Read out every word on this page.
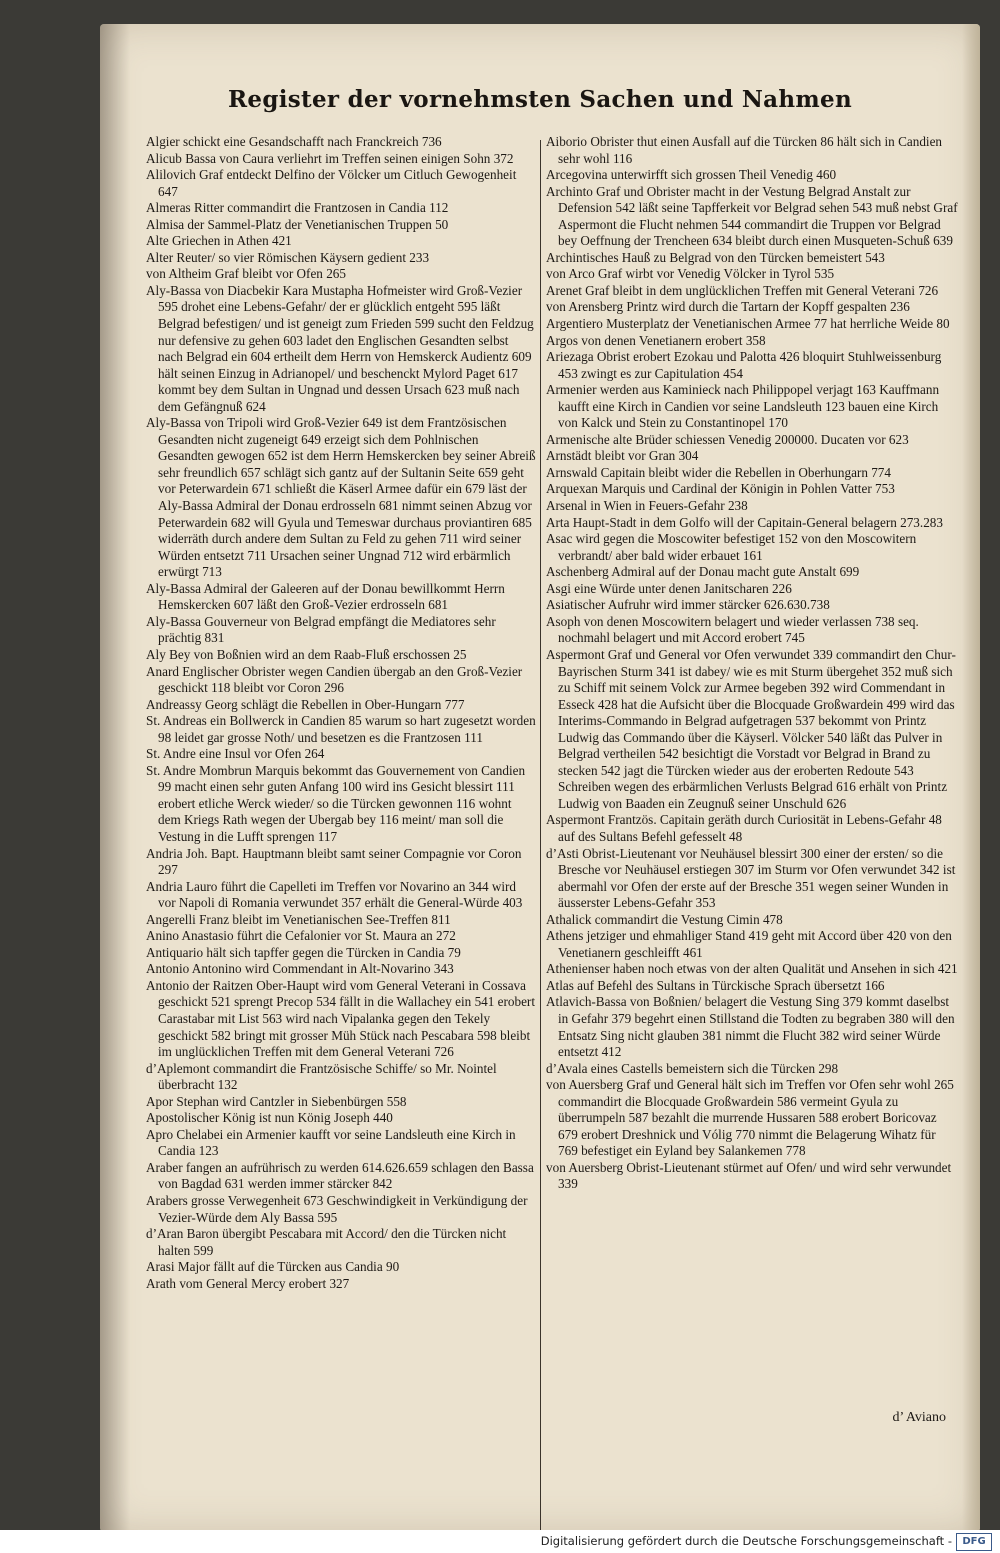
Register der vornehmsten Sachen und Nahmen

Algier schickt eine Gesandschafft nach Franckreich 736

Alicub Bassa von Caura verliehrt im Treffen seinen einigen Sohn 372

Alilovich Graf entdeckt Delfino der Völcker um Citluch Gewogenheit 647

Almeras Ritter commandirt die Frantzosen in Candia 112

Almisa der Sammel-Platz der Venetianischen Truppen 50

Alte Griechen in Athen 421

Alter Reuter/ so vier Römischen Käysern gedient 233

von Altheim Graf bleibt vor Ofen 265

Aly-Bassa von Diacbekir Kara Mustapha Hofmeister wird Groß-Vezier 595 drohet eine Lebens-Gefahr/ der er glücklich entgeht 595 läßt Belgrad befestigen/ und ist geneigt zum Frieden 599 sucht den Feldzug nur defensive zu gehen 603 ladet den Englischen Gesandten selbst nach Belgrad ein 604 ertheilt dem Herrn von Hemskerck Audientz 609 hält seinen Einzug in Adrianopel/ und beschenckt Mylord Paget 617 kommt bey dem Sultan in Ungnad und dessen Ursach 623 muß nach dem Gefängnuß 624

Aly-Bassa von Tripoli wird Groß-Vezier 649 ist dem Frantzösischen Gesandten nicht zugeneigt 649 erzeigt sich dem Pohlnischen Gesandten gewogen 652 ist dem Herrn Hemskercken bey seiner Abreiß sehr freundlich 657 schlägt sich gantz auf der Sultanin Seite 659 geht vor Peterwardein 671 schließt die Käserl Armee dafür ein 679 läst der Aly-Bassa Admiral der Donau erdrosseln 681 nimmt seinen Abzug vor Peterwardein 682 will Gyula und Temeswar durchaus proviantiren 685 widerräth durch andere dem Sultan zu Feld zu gehen 711 wird seiner Würden entsetzt 711 Ursachen seiner Ungnad 712 wird erbärmlich erwürgt 713

Aly-Bassa Admiral der Galeeren auf der Donau bewillkommt Herrn Hemskercken 607 läßt den Groß-Vezier erdrosseln 681

Aly-Bassa Gouverneur von Belgrad empfängt die Mediatores sehr prächtig 831

Aly Bey von Boßnien wird an dem Raab-Fluß erschossen 25

Anard Englischer Obrister wegen Candien übergab an den Groß-Vezier geschickt 118 bleibt vor Coron 296

Andreassy Georg schlägt die Rebellen in Ober-Hungarn 777

St. Andreas ein Bollwerck in Candien 85 warum so hart zugesetzt worden 98 leidet gar grosse Noth/ und besetzen es die Frantzosen 111

St. Andre eine Insul vor Ofen 264

St. Andre Mombrun Marquis bekommt das Gouvernement von Candien 99 macht einen sehr guten Anfang 100 wird ins Gesicht blessirt 111 erobert etliche Werck wieder/ so die Türcken gewonnen 116 wohnt dem Kriegs Rath wegen der Ubergab bey 116 meint/ man soll die Vestung in die Lufft sprengen 117

Andria Joh. Bapt. Hauptmann bleibt samt seiner Compagnie vor Coron 297

Andria Lauro führt die Capelleti im Treffen vor Novarino an 344 wird vor Napoli di Romania verwundet 357 erhält die General-Würde 403

Angerelli Franz bleibt im Venetianischen See-Treffen 811

Anino Anastasio führt die Cefalonier vor St. Maura an 272

Antiquario hält sich tapffer gegen die Türcken in Candia 79

Antonio Antonino wird Commendant in Alt-Novarino 343

Antonio der Raitzen Ober-Haupt wird vom General Veterani in Cossava geschickt 521 sprengt Precop 534 fällt in die Wallachey ein 541 erobert Carastabar mit List 563 wird nach Vipalanka gegen den Tekely geschickt 582 bringt mit grosser Müh Stück nach Pescabara 598 bleibt im unglücklichen Treffen mit dem General Veterani 726

d’Aplemont commandirt die Frantzösische Schiffe/ so Mr. Nointel überbracht 132

Apor Stephan wird Cantzler in Siebenbürgen 558

Apostolischer König ist nun König Joseph 440

Apro Chelabei ein Armenier kaufft vor seine Landsleuth eine Kirch in Candia 123

Araber fangen an aufrührisch zu werden 614.626.659 schlagen den Bassa von Bagdad 631 werden immer stärcker 842

Arabers grosse Verwegenheit 673 Geschwindigkeit in Verkündigung der Vezier-Würde dem Aly Bassa 595

d’Aran Baron übergibt Pescabara mit Accord/ den die Türcken nicht halten 599

Arasi Major fällt auf die Türcken aus Candia 90

Arath vom General Mercy erobert 327

Aiborio Obrister thut einen Ausfall auf die Türcken 86 hält sich in Candien sehr wohl 116

Arcegovina unterwirfft sich grossen Theil Venedig 460

Archinto Graf und Obrister macht in der Vestung Belgrad Anstalt zur Defension 542 läßt seine Tapfferkeit vor Belgrad sehen 543 muß nebst Graf Aspermont die Flucht nehmen 544 commandirt die Truppen vor Belgrad bey Oeffnung der Trencheen 634 bleibt durch einen Musqueten-Schuß 639

Archintisches Hauß zu Belgrad von den Türcken bemeistert 543

von Arco Graf wirbt vor Venedig Völcker in Tyrol 535

Arenet Graf bleibt in dem unglücklichen Treffen mit General Veterani 726

von Arensberg Printz wird durch die Tartarn der Kopff gespalten 236

Argentiero Musterplatz der Venetianischen Armee 77 hat herrliche Weide 80

Argos von denen Venetianern erobert 358

Ariezaga Obrist erobert Ezokau und Palotta 426 bloquirt Stuhlweissenburg 453 zwingt es zur Capitulation 454

Armenier werden aus Kaminieck nach Philippopel verjagt 163 Kauffmann kaufft eine Kirch in Candien vor seine Landsleuth 123 bauen eine Kirch von Kalck und Stein zu Constantinopel 170

Armenische alte Brüder schiessen Venedig 200000. Ducaten vor 623

Arnstädt bleibt vor Gran 304

Arnswald Capitain bleibt wider die Rebellen in Oberhungarn 774

Arquexan Marquis und Cardinal der Königin in Pohlen Vatter 753

Arsenal in Wien in Feuers-Gefahr 238

Arta Haupt-Stadt in dem Golfo will der Capitain-General belagern 273.283

Asac wird gegen die Moscowiter befestiget 152 von den Moscowitern verbrandt/ aber bald wider erbauet 161

Aschenberg Admiral auf der Donau macht gute Anstalt 699

Asgi eine Würde unter denen Janitscharen 226

Asiatischer Aufruhr wird immer stärcker 626.630.738

Asoph von denen Moscowitern belagert und wieder verlassen 738 seq. nochmahl belagert und mit Accord erobert 745

Aspermont Graf und General vor Ofen verwundet 339 commandirt den Chur-Bayrischen Sturm 341 ist dabey/ wie es mit Sturm übergehet 352 muß sich zu Schiff mit seinem Volck zur Armee begeben 392 wird Commendant in Esseck 428 hat die Aufsicht über die Blocquade Großwardein 499 wird das Interims-Commando in Belgrad aufgetragen 537 bekommt von Printz Ludwig das Commando über die Käyserl. Völcker 540 läßt das Pulver in Belgrad vertheilen 542 besichtigt die Vorstadt vor Belgrad in Brand zu stecken 542 jagt die Türcken wieder aus der eroberten Redoute 543 Schreiben wegen des erbärmlichen Verlusts Belgrad 616 erhält von Printz Ludwig von Baaden ein Zeugnuß seiner Unschuld 626

Aspermont Frantzös. Capitain geräth durch Curiosität in Lebens-Gefahr 48 auf des Sultans Befehl gefesselt 48

d’Asti Obrist-Lieutenant vor Neuhäusel blessirt 300 einer der ersten/ so die Bresche vor Neuhäusel erstiegen 307 im Sturm vor Ofen verwundet 342 ist abermahl vor Ofen der erste auf der Bresche 351 wegen seiner Wunden in äusserster Lebens-Gefahr 353

Athalick commandirt die Vestung Cimin 478

Athens jetziger und ehmahliger Stand 419 geht mit Accord über 420 von den Venetianern geschleifft 461

Athenienser haben noch etwas von der alten Qualität und Ansehen in sich 421

Atlas auf Befehl des Sultans in Türckische Sprach übersetzt 166

Atlavich-Bassa von Boßnien/ belagert die Vestung Sing 379 kommt daselbst in Gefahr 379 begehrt einen Stillstand die Todten zu begraben 380 will den Entsatz Sing nicht glauben 381 nimmt die Flucht 382 wird seiner Würde entsetzt 412

d’Avala eines Castells bemeistern sich die Türcken 298

von Auersberg Graf und General hält sich im Treffen vor Ofen sehr wohl 265 commandirt die Blocquade Großwardein 586 vermeint Gyula zu überrumpeln 587 bezahlt die murrende Hussaren 588 erobert Boricovaz 679 erobert Dreshnick und Vólig 770 nimmt die Belagerung Wihatz für 769 befestiget ein Eyland bey Salankemen 778

von Auersberg Obrist-Lieutenant stürmet auf Ofen/ und wird sehr verwundet 339

d’ Aviano
Digitalisierung gefördert durch die Deutsche Forschungsgemeinschaft -	DFG
